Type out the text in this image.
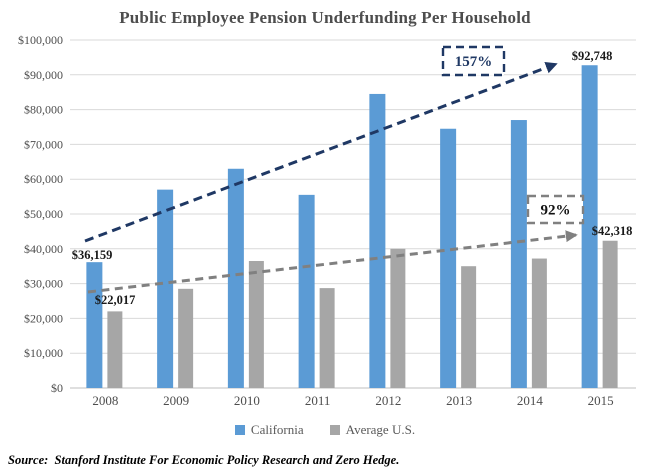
Public Employee Pension Underfunding Per Household
$0
$10,000
$20,000
$30,000
$40,000
$50,000
$60,000
$70,000
$80,000
$90,000
$100,000
2008	2009	2010	2011	2012	2013	2014	2015
157%
92%
$36,159
$22,017
$92,748
$42,318
California	Average U.S.
Source:  Stanford Institute For Economic Policy Research and Zero Hedge.
